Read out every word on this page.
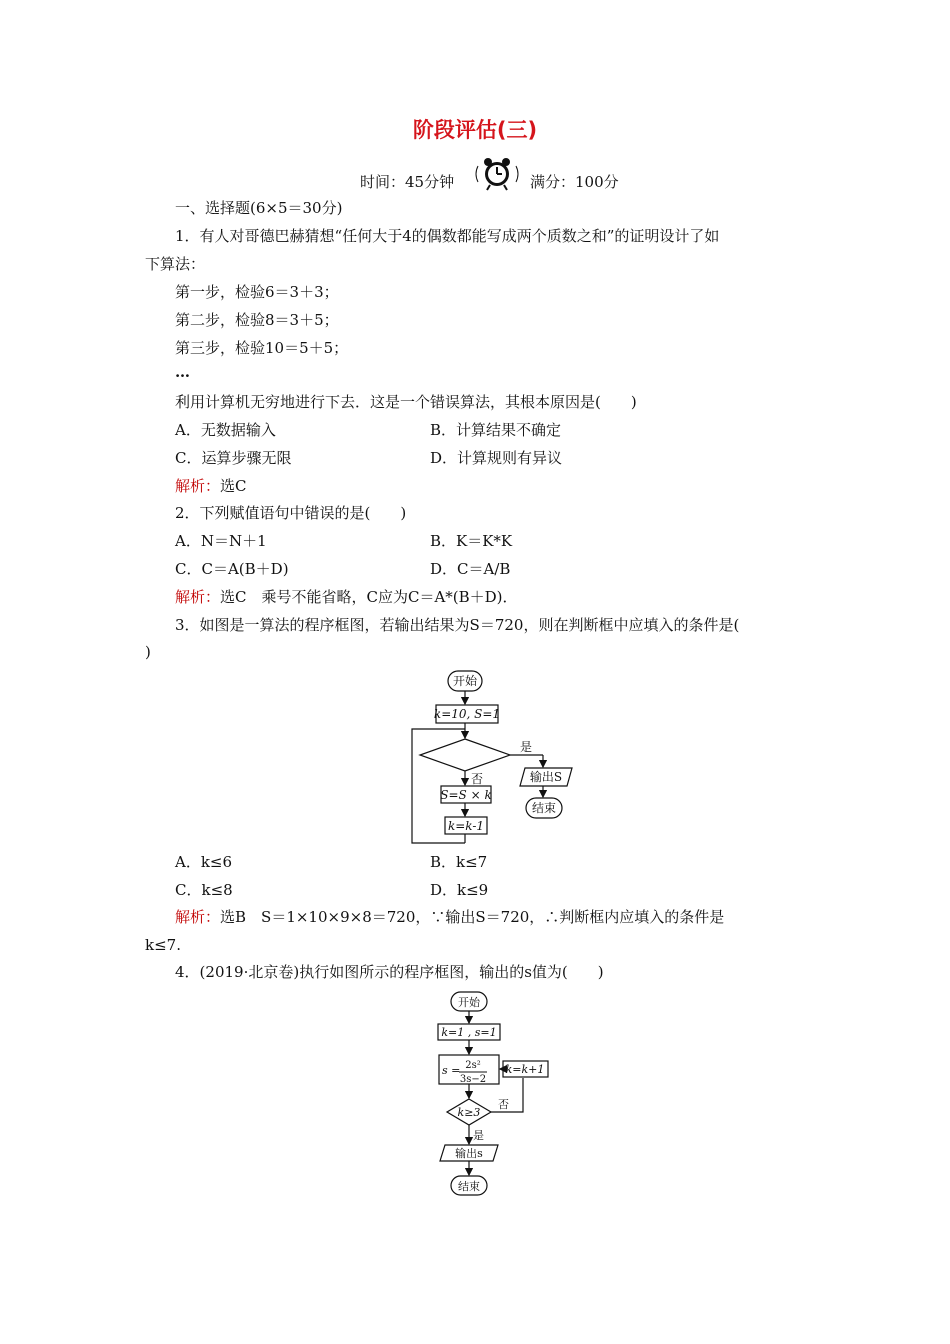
阶段评估(三)
时间：45分钟	满分：100分
一、选择题(6×5＝30分)
1．有人对哥德巴赫猜想“任何大于4的偶数都能写成两个质数之和”的证明设计了如
下算法：
第一步，检验6＝3＋3；
第二步，检验8＝3＋5；
第三步，检验10＝5＋5；
…
利用计算机无穷地进行下去．这是一个错误算法，其根本原因是(　　)
A．无数据输入	B．计算结果不确定
C．运算步骤无限	D．计算规则有异议
解析：选C
2．下列赋值语句中错误的是(　　)
A．N＝N＋1	B．K＝K*K
C．C＝A(B＋D)	D．C＝A/B
解析：选C　乘号不能省略，C应为C＝A*(B＋D)．
3．如图是一算法的程序框图，若输出结果为S＝720，则在判断框中应填入的条件是(
)
开始
k=10, S=1
是
否	输出S
结束
S=S × k
k=k-1
A．k≤6	B．k≤7
C．k≤8	D．k≤9
解析：选B　S＝1×10×9×8＝720，∵输出S＝720，∴判断框内应填入的条件是
k≤7.
4．(2019·北京卷)执行如图所示的程序框图，输出的s值为(　　)
开始
k=1 , s=1
s = 2s²
3s−2
k=k+1
k≥3
否
是
输出s
结束
